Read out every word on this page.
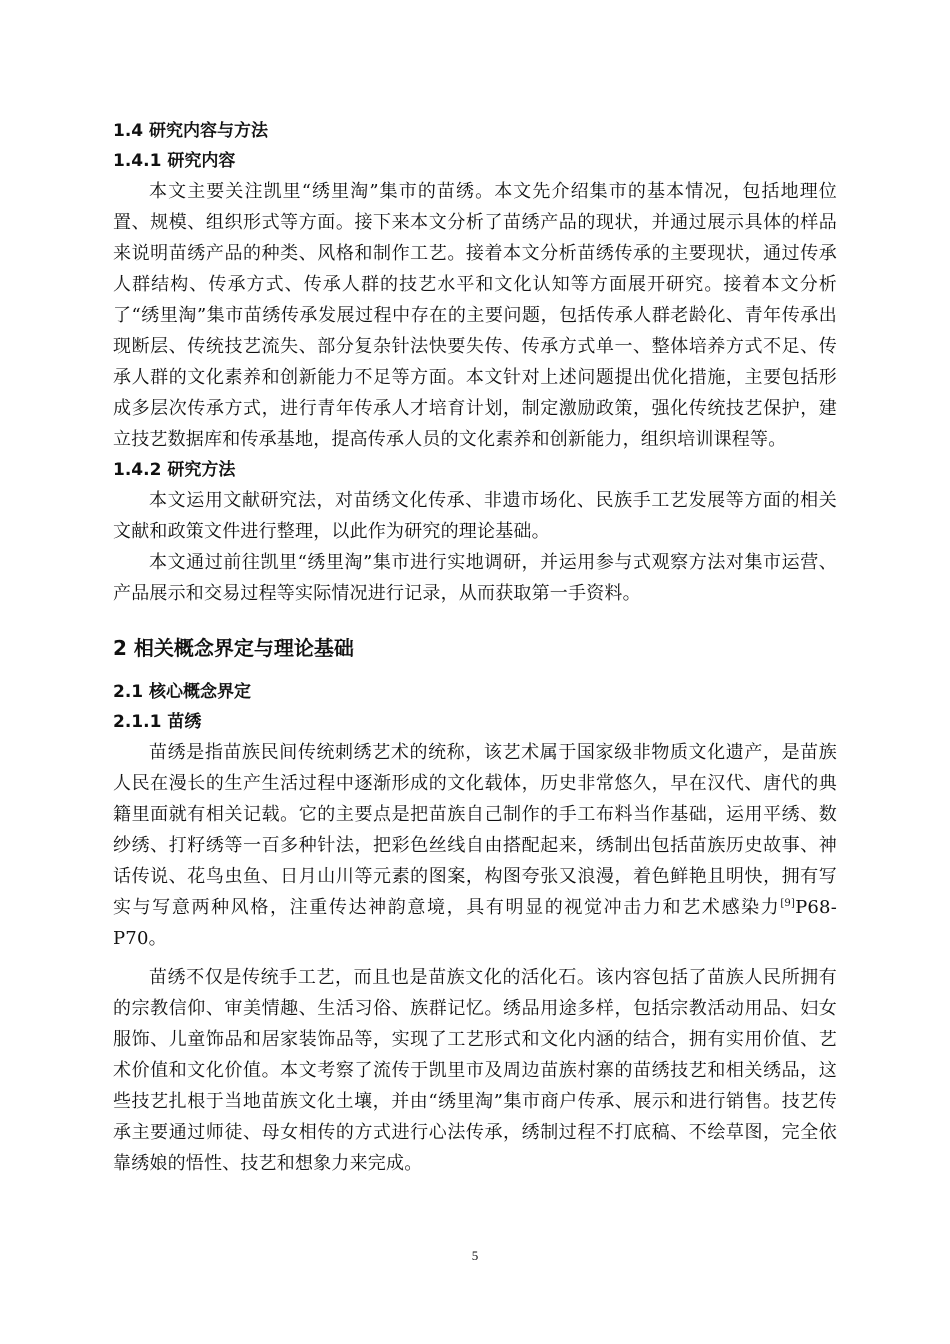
1.4 研究内容与方法
1.4.1 研究内容

本文主要关注凯里“绣里淘”集市的苗绣。本文先介绍集市的基本情况，包括地理位置、规模、组织形式等方面。接下来本文分析了苗绣产品的现状，并通过展示具体的样品来说明苗绣产品的种类、风格和制作工艺。接着本文分析苗绣传承的主要现状，通过传承人群结构、传承方式、传承人群的技艺水平和文化认知等方面展开研究。接着本文分析了“绣里淘”集市苗绣传承发展过程中存在的主要问题，包括传承人群老龄化、青年传承出现断层、传统技艺流失、部分复杂针法快要失传、传承方式单一、整体培养方式不足、传承人群的文化素养和创新能力不足等方面。本文针对上述问题提出优化措施，主要包括形成多层次传承方式，进行青年传承人才培育计划，制定激励政策，强化传统技艺保护，建立技艺数据库和传承基地，提高传承人员的文化素养和创新能力，组织培训课程等。

1.4.2 研究方法

本文运用文献研究法，对苗绣文化传承、非遗市场化、民族手工艺发展等方面的相关文献和政策文件进行整理，以此作为研究的理论基础。

本文通过前往凯里“绣里淘”集市进行实地调研，并运用参与式观察方法对集市运营、产品展示和交易过程等实际情况进行记录，从而获取第一手资料。

2 相关概念界定与理论基础
2.1 核心概念界定
2.1.1 苗绣

苗绣是指苗族民间传统刺绣艺术的统称，该艺术属于国家级非物质文化遗产，是苗族人民在漫长的生产生活过程中逐渐形成的文化载体，历史非常悠久，早在汉代、唐代的典籍里面就有相关记载。它的主要点是把苗族自己制作的手工布料当作基础，运用平绣、数纱绣、打籽绣等一百多种针法，把彩色丝线自由搭配起来，绣制出包括苗族历史故事、神话传说、花鸟虫鱼、日月山川等元素的图案，构图夸张又浪漫，着色鲜艳且明快，拥有写实与写意两种风格，注重传达神韵意境，具有明显的视觉冲击力和艺术感染力[9]P68-P70。

苗绣不仅是传统手工艺，而且也是苗族文化的活化石。该内容包括了苗族人民所拥有的宗教信仰、审美情趣、生活习俗、族群记忆。绣品用途多样，包括宗教活动用品、妇女服饰、儿童饰品和居家装饰品等，实现了工艺形式和文化内涵的结合，拥有实用价值、艺术价值和文化价值。本文考察了流传于凯里市及周边苗族村寨的苗绣技艺和相关绣品，这些技艺扎根于当地苗族文化土壤，并由“绣里淘”集市商户传承、展示和进行销售。技艺传承主要通过师徒、母女相传的方式进行心法传承，绣制过程不打底稿、不绘草图，完全依靠绣娘的悟性、技艺和想象力来完成。

5
